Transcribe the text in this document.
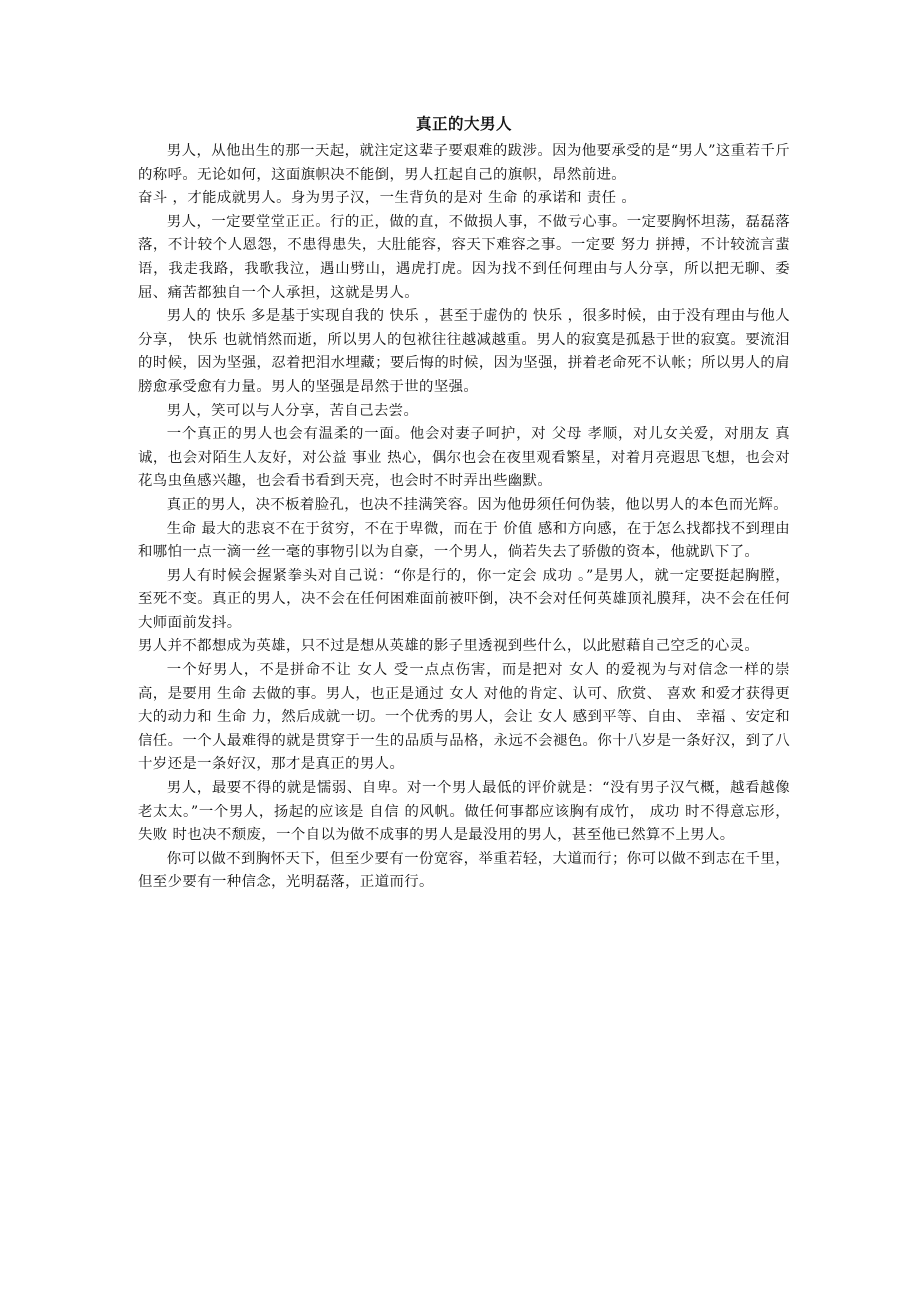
真正的大男人

男人，从他出生的那一天起，就注定这辈子要艰难的跋涉。因为他要承受的是“男人”这重若千斤的称呼。无论如何，这面旗帜决不能倒，男人扛起自己的旗帜，昂然前进。

奋斗 ，才能成就男人。身为男子汉，一生背负的是对 生命 的承诺和 责任 。

男人，一定要堂堂正正。行的正，做的直，不做损人事，不做亏心事。一定要胸怀坦荡，磊磊落落，不计较个人恩怨，不患得患失，大肚能容，容天下难容之事。一定要 努力 拼搏，不计较流言蜚语，我走我路，我歌我泣，遇山劈山，遇虎打虎。因为找不到任何理由与人分享，所以把无聊、委屈、痛苦都独自一个人承担，这就是男人。

男人的 快乐 多是基于实现自我的 快乐 ，甚至于虚伪的 快乐 ，很多时候，由于没有理由与他人分享， 快乐 也就悄然而逝，所以男人的包袱往往越减越重。男人的寂寞是孤悬于世的寂寞。要流泪的时候，因为坚强，忍着把泪水埋藏；要后悔的时候，因为坚强，拼着老命死不认帐；所以男人的肩膀愈承受愈有力量。男人的坚强是昂然于世的坚强。

男人，笑可以与人分享，苦自己去尝。

一个真正的男人也会有温柔的一面。他会对妻子呵护，对 父母 孝顺，对儿女关爱，对朋友 真诚，也会对陌生人友好，对公益 事业 热心，偶尔也会在夜里观看繁星，对着月亮遐思飞想，也会对花鸟虫鱼感兴趣，也会看书看到天亮，也会时不时弄出些幽默。

真正的男人，决不板着脸孔，也决不挂满笑容。因为他毋须任何伪装，他以男人的本色而光辉。

生命 最大的悲哀不在于贫穷，不在于卑微，而在于 价值 感和方向感，在于怎么找都找不到理由和哪怕一点一滴一丝一毫的事物引以为自豪，一个男人，倘若失去了骄傲的资本，他就趴下了。

男人有时候会握紧拳头对自己说：“你是行的，你一定会 成功 。”是男人，就一定要挺起胸膛，至死不变。真正的男人，决不会在任何困难面前被吓倒，决不会对任何英雄顶礼膜拜，决不会在任何大师面前发抖。

男人并不都想成为英雄，只不过是想从英雄的影子里透视到些什么，以此慰藉自己空乏的心灵。

一个好男人，不是拼命不让 女人 受一点点伤害，而是把对 女人 的爱视为与对信念一样的崇高，是要用 生命 去做的事。男人，也正是通过 女人 对他的肯定、认可、欣赏、 喜欢 和爱才获得更大的动力和 生命 力，然后成就一切。一个优秀的男人，会让 女人 感到平等、自由、 幸福 、安定和信任。一个人最难得的就是贯穿于一生的品质与品格，永远不会褪色。你十八岁是一条好汉，到了八十岁还是一条好汉，那才是真正的男人。

男人，最要不得的就是懦弱、自卑。对一个男人最低的评价就是：“没有男子汉气概，越看越像老太太。”一个男人，扬起的应该是 自信 的风帆。做任何事都应该胸有成竹， 成功 时不得意忘形， 失败 时也决不颓废，一个自以为做不成事的男人是最没用的男人，甚至他已然算不上男人。

你可以做不到胸怀天下，但至少要有一份宽容，举重若轻，大道而行；你可以做不到志在千里，但至少要有一种信念，光明磊落，正道而行。
